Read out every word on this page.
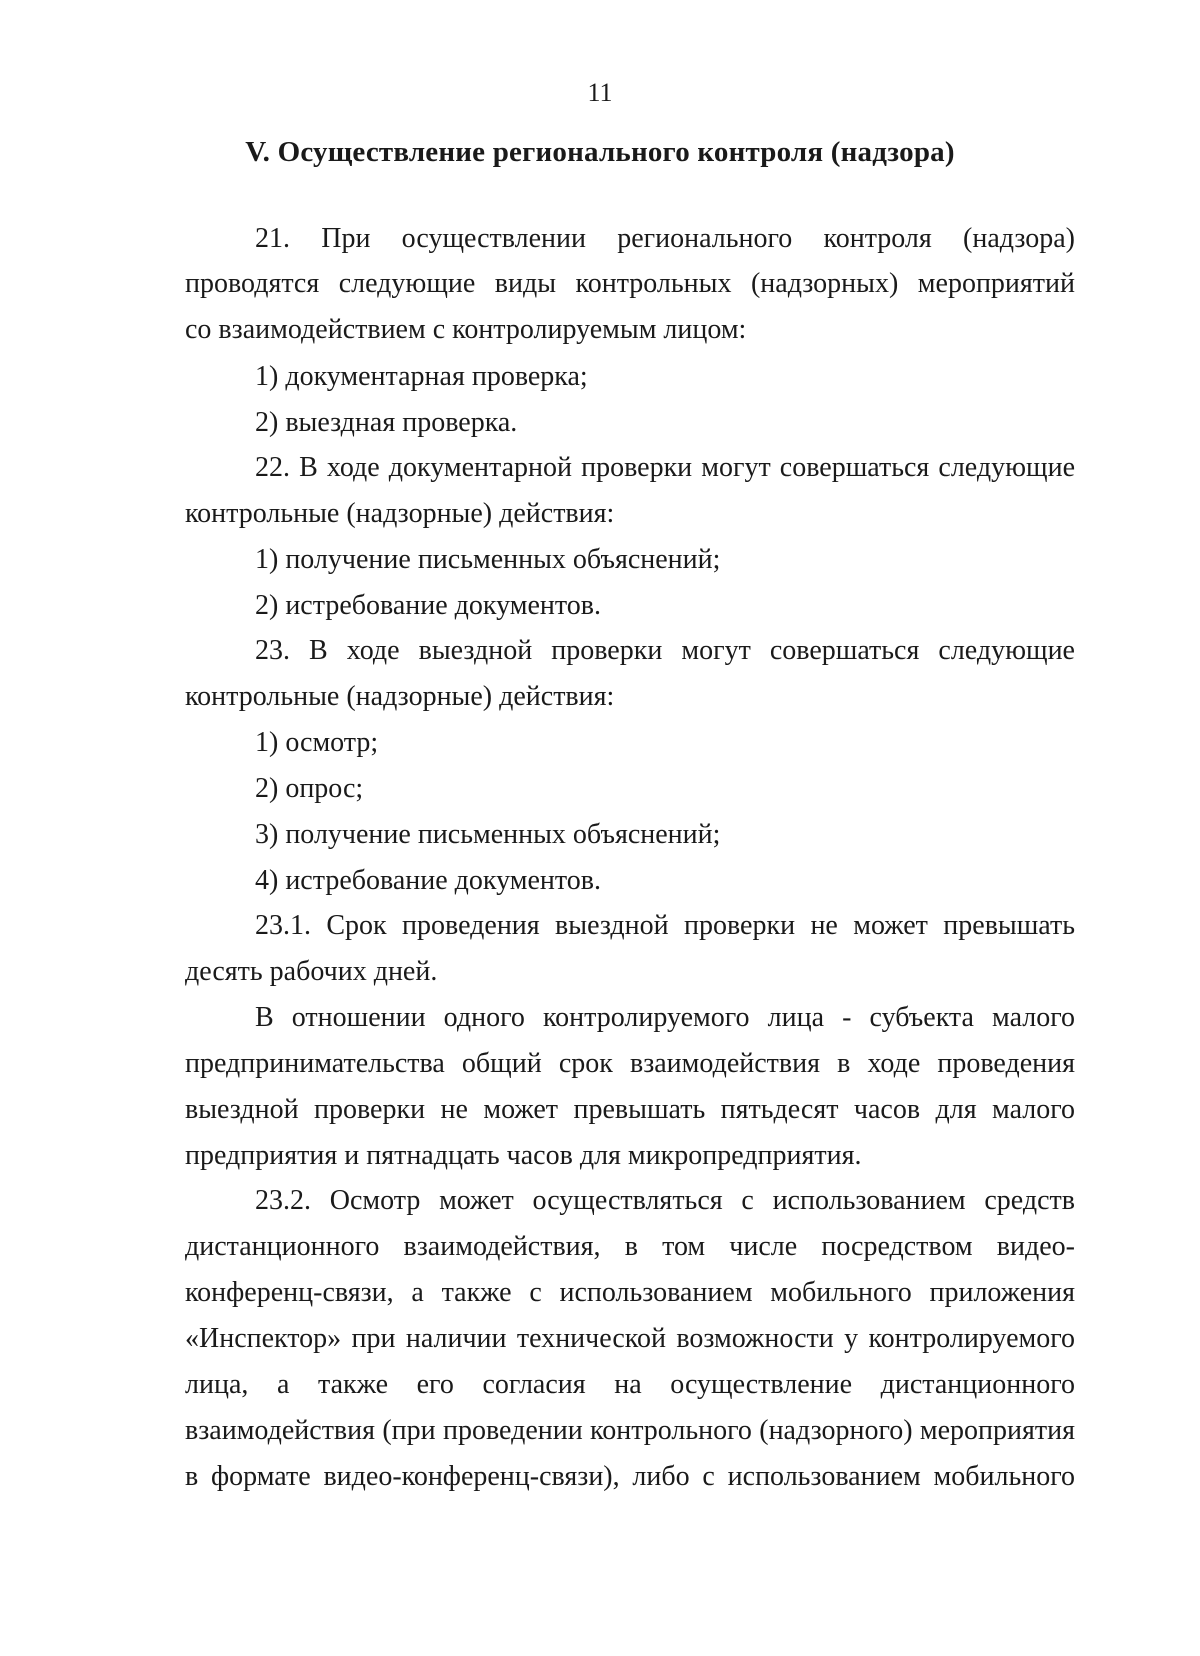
11
V. Осуществление регионального контроля (надзора)
21. При осуществлении регионального контроля (надзора)
проводятся следующие виды контрольных (надзорных) мероприятий
со взаимодействием с контролируемым лицом:
1) документарная проверка;
2) выездная проверка.
22. В ходе документарной проверки могут совершаться следующие
контрольные (надзорные) действия:
1) получение письменных объяснений;
2) истребование документов.
23. В ходе выездной проверки могут совершаться следующие
контрольные (надзорные) действия:
1) осмотр;
2) опрос;
3) получение письменных объяснений;
4) истребование документов.
23.1. Срок проведения выездной проверки не может превышать
десять рабочих дней.
В отношении одного контролируемого лица - субъекта малого
предпринимательства общий срок взаимодействия в ходе проведения
выездной проверки не может превышать пятьдесят часов для малого
предприятия и пятнадцать часов для микропредприятия.
23.2. Осмотр может осуществляться с использованием средств
дистанционного взаимодействия, в том числе посредством видео-
конференц-связи, а также с использованием мобильного приложения
«Инспектор» при наличии технической возможности у контролируемого
лица, а также его согласия на осуществление дистанционного
взаимодействия (при проведении контрольного (надзорного) мероприятия
в формате видео-конференц-связи), либо с использованием мобильного
